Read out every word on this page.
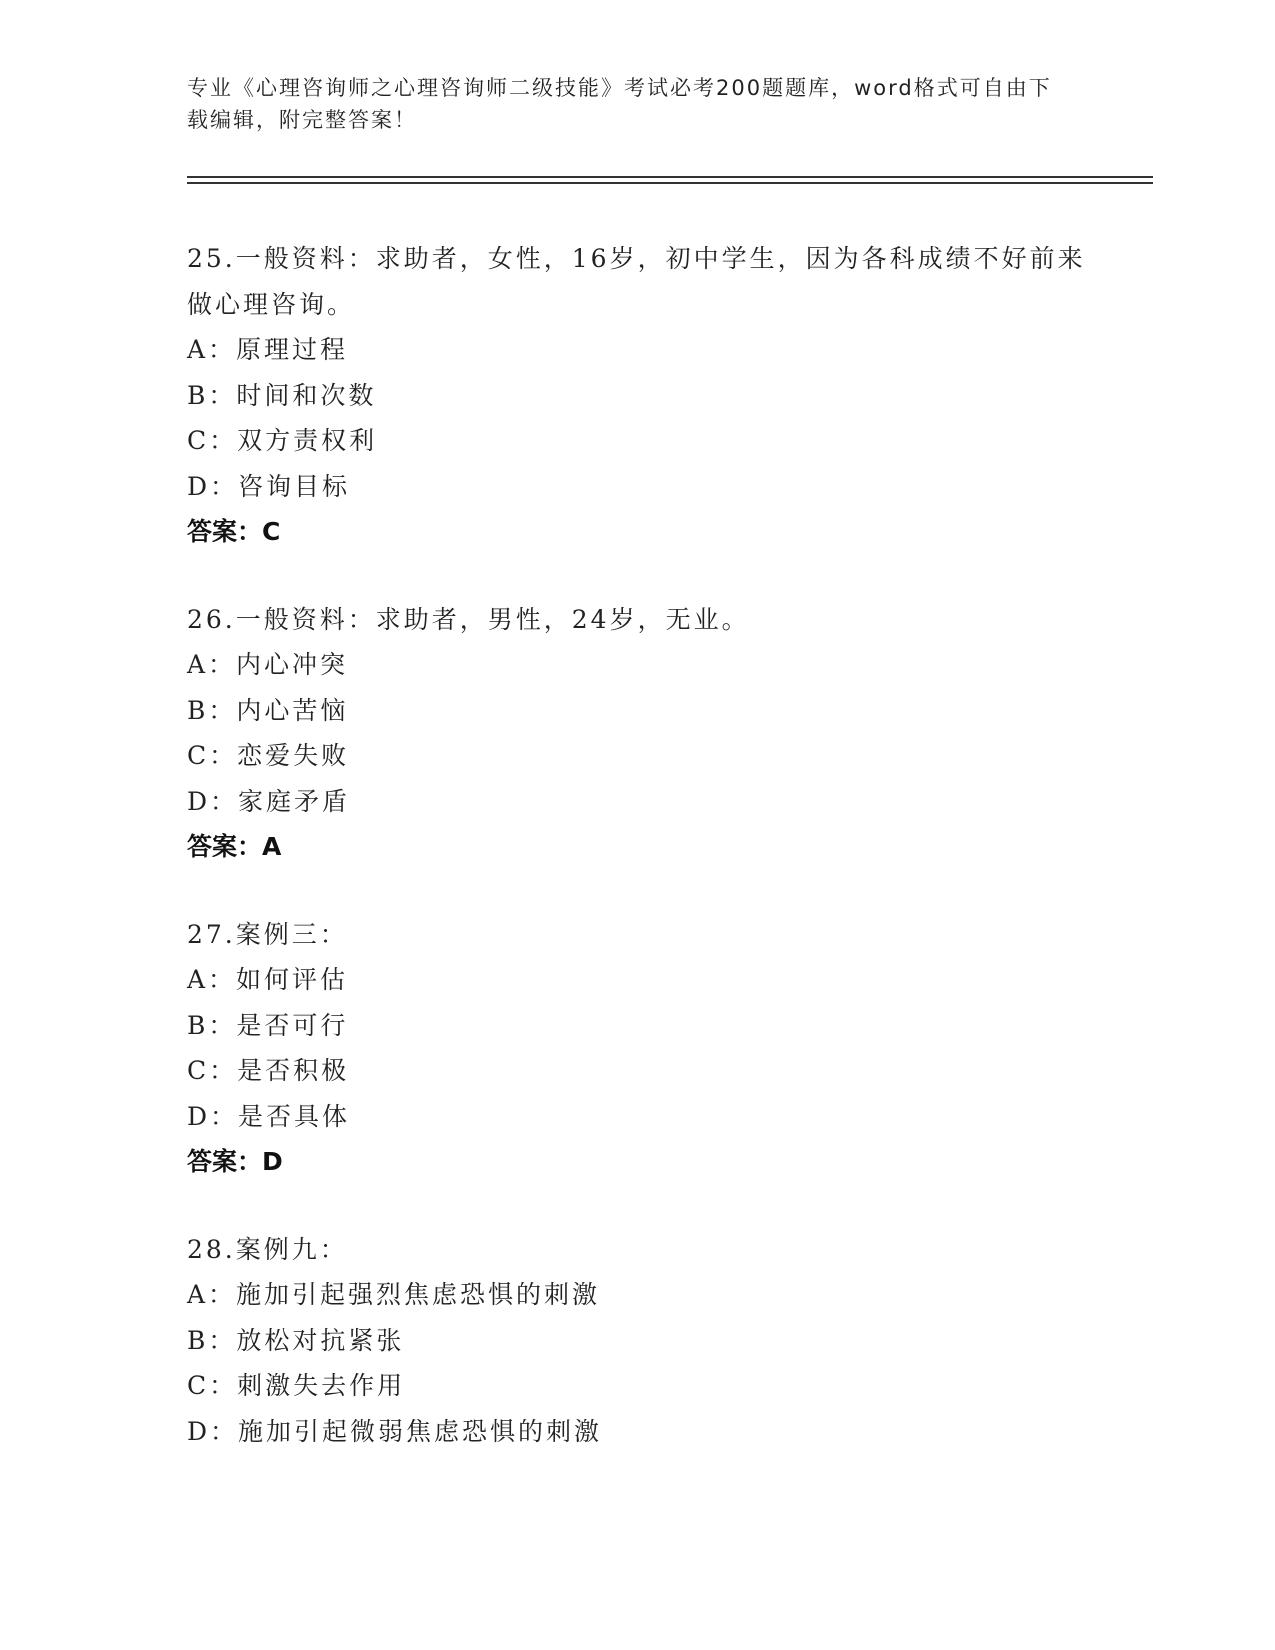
专业《心理咨询师之心理咨询师二级技能》考试必考200题题库，word格式可自由下载编辑，附完整答案！
25.一般资料：求助者，女性，16岁，初中学生，因为各科成绩不好前来做心理咨询。
A：原理过程
B：时间和次数
C：双方责权利
D：咨询目标
答案：C
26.一般资料：求助者，男性，24岁，无业。
A：内心冲突
B：内心苦恼
C：恋爱失败
D：家庭矛盾
答案：A
27.案例三：
A：如何评估
B：是否可行
C：是否积极
D：是否具体
答案：D
28.案例九：
A：施加引起强烈焦虑恐惧的刺激
B：放松对抗紧张
C：刺激失去作用
D：施加引起微弱焦虑恐惧的刺激
